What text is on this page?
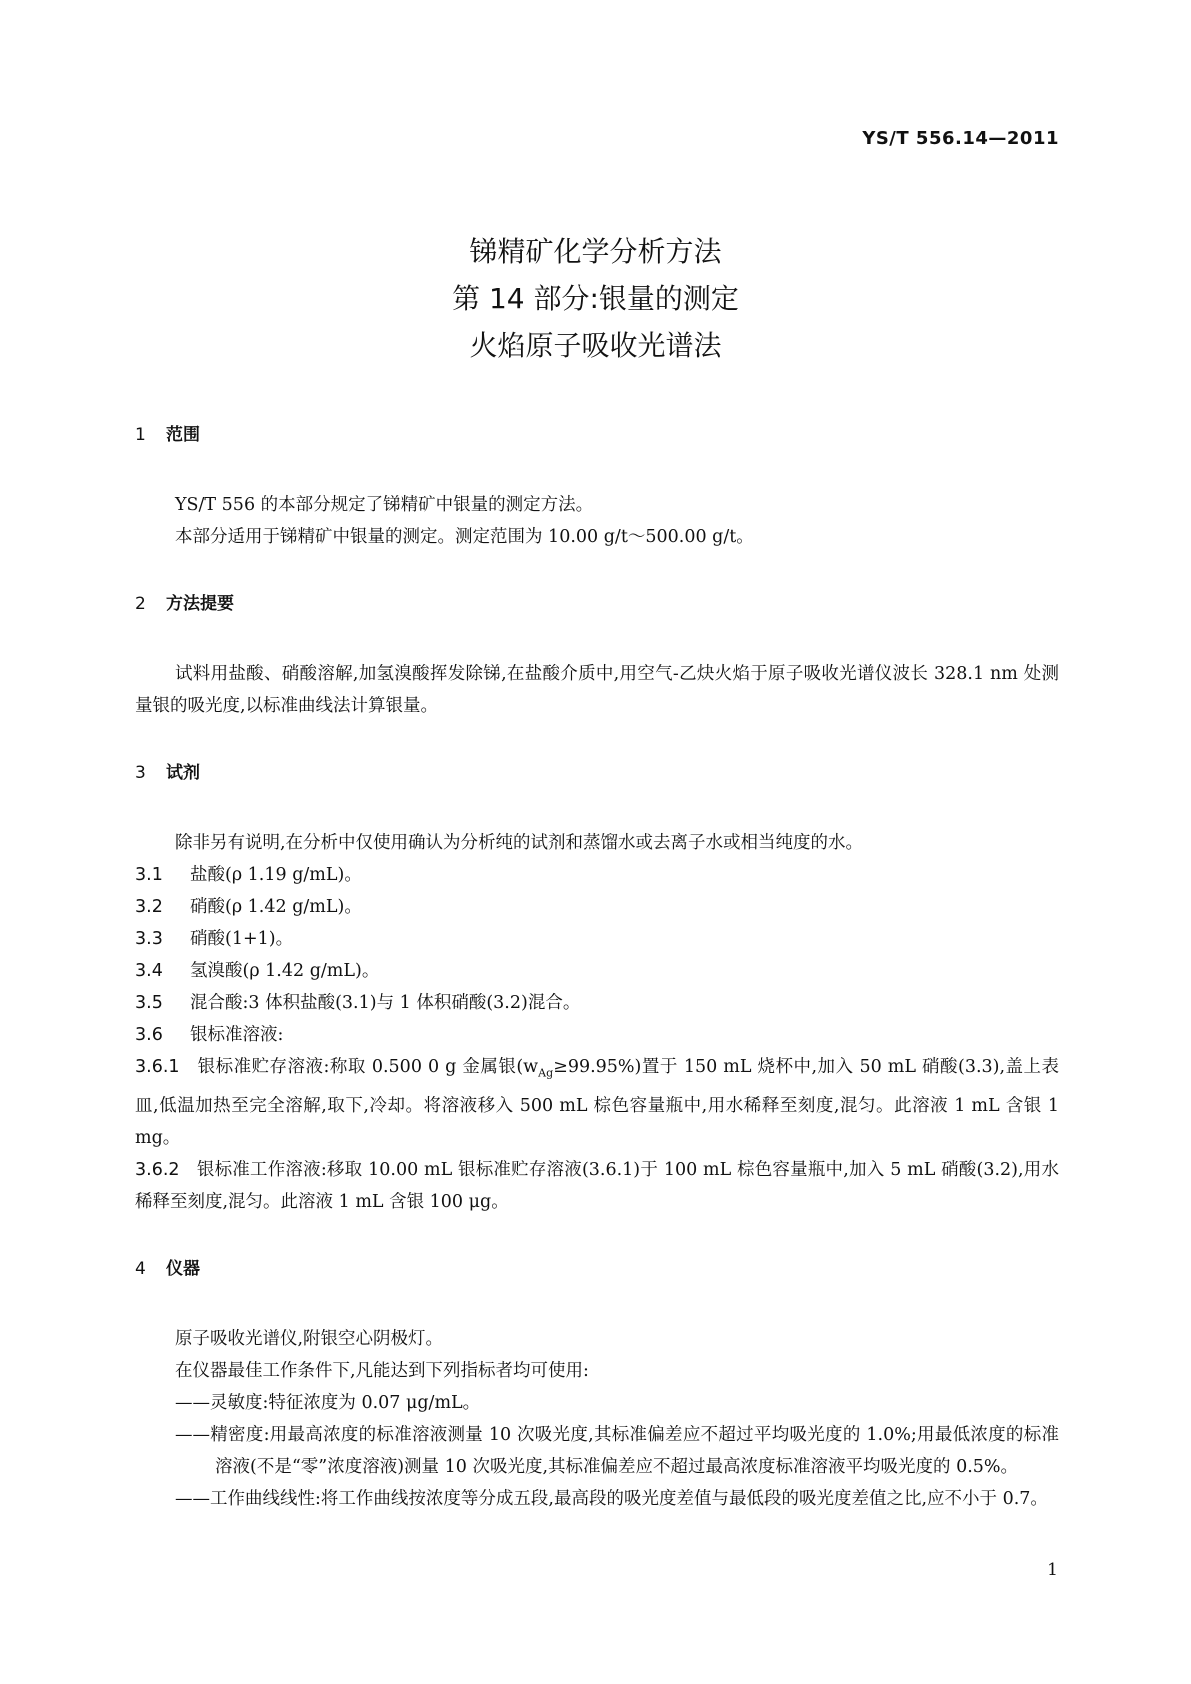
YS/T 556.14—2011
锑精矿化学分析方法
第 14 部分:银量的测定
火焰原子吸收光谱法
1 范围

YS/T 556 的本部分规定了锑精矿中银量的测定方法。

本部分适用于锑精矿中银量的测定。测定范围为 10.00 g/t～500.00 g/t。

2 方法提要

试料用盐酸、硝酸溶解,加氢溴酸挥发除锑,在盐酸介质中,用空气-乙炔火焰于原子吸收光谱仪波长 328.1 nm 处测量银的吸光度,以标准曲线法计算银量。

3 试剂

除非另有说明,在分析中仅使用确认为分析纯的试剂和蒸馏水或去离子水或相当纯度的水。

3.1 盐酸(ρ 1.19 g/mL)。

3.2 硝酸(ρ 1.42 g/mL)。

3.3 硝酸(1+1)。

3.4 氢溴酸(ρ 1.42 g/mL)。

3.5 混合酸:3 体积盐酸(3.1)与 1 体积硝酸(3.2)混合。

3.6 银标准溶液:

3.6.1 银标准贮存溶液:称取 0.500 0 g 金属银$(w_{Ag}\ge 99.95\%)$置于 150 mL 烧杯中,加入 50 mL 硝酸(3.3),盖上表皿,低温加热至完全溶解,取下,冷却。将溶液移入 500 mL 棕色容量瓶中,用水稀释至刻度,混匀。此溶液 1 mL 含银 1 mg。

3.6.2 银标准工作溶液:移取 10.00 mL 银标准贮存溶液(3.6.1)于 100 mL 棕色容量瓶中,加入 5 mL 硝酸(3.2),用水稀释至刻度,混匀。此溶液 1 mL 含银 100 μg。

4 仪器

原子吸收光谱仪,附银空心阴极灯。

在仪器最佳工作条件下,凡能达到下列指标者均可使用:

——灵敏度:特征浓度为 0.07 μg/mL。

——精密度:用最高浓度的标准溶液测量 10 次吸光度,其标准偏差应不超过平均吸光度的 1.0%;用最低浓度的标准溶液(不是“零”浓度溶液)测量 10 次吸光度,其标准偏差应不超过最高浓度标准溶液平均吸光度的 0.5%。

——工作曲线线性:将工作曲线按浓度等分成五段,最高段的吸光度差值与最低段的吸光度差值之比,应不小于 0.7。

1
